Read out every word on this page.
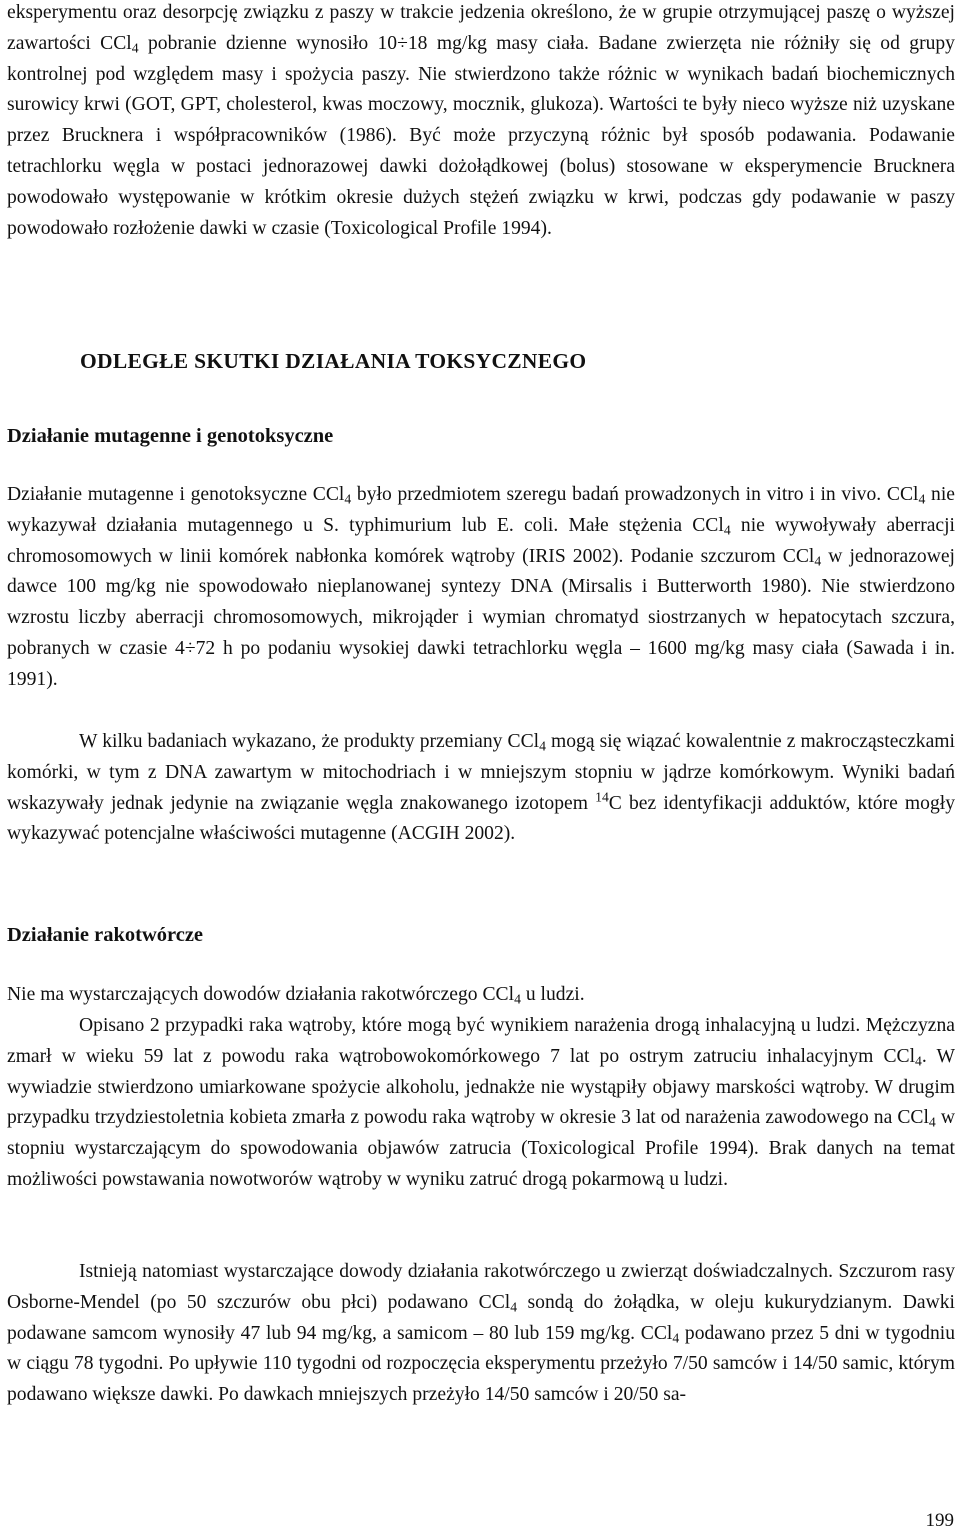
eksperymentu oraz desorpcję związku z paszy w trakcie jedzenia określono, że w grupie otrzymującej paszę o wyższej zawartości CCl$_4$ pobranie dzienne wynosiło 10÷18 mg/kg masy ciała. Badane zwierzęta nie różniły się od grupy kontrolnej pod względem masy i spożycia paszy. Nie stwierdzono także różnic w wynikach badań biochemicznych surowicy krwi (GOT, GPT, cholesterol, kwas moczowy, mocznik, glukoza). Wartości te były nieco wyższe niż uzyskane przez Brucknera i współpracowników (1986). Być może przyczyną różnic był sposób podawania. Podawanie tetrachlorku węgla w postaci jednorazowej dawki dożołądkowej (bolus) stosowane w eksperymencie Brucknera powodowało występowanie w krótkim okresie dużych stężeń związku w krwi, podczas gdy podawanie w paszy powodowało rozłożenie dawki w czasie (Toxicological Profile 1994).

ODLEGŁE SKUTKI DZIAŁANIA TOKSYCZNEGO
Działanie mutagenne i genotoksyczne

Działanie mutagenne i genotoksyczne CCl$_4$ było przedmiotem szeregu badań prowadzonych in vitro i in vivo. CCl$_4$ nie wykazywał działania mutagennego u S. typhimurium lub E. coli. Małe stężenia CCl$_4$ nie wywoływały aberracji chromosomowych w linii komórek nabłonka komórek wątroby (IRIS 2002). Podanie szczurom CCl$_4$ w jednorazowej dawce 100 mg/kg nie spowodowało nieplanowanej syntezy DNA (Mirsalis i Butterworth 1980). Nie stwierdzono wzrostu liczby aberracji chromosomowych, mikrojąder i wymian chromatyd siostrzanych w hepatocytach szczura, pobranych w czasie 4÷72 h po podaniu wysokiej dawki tetrachlorku węgla – 1600 mg/kg masy ciała (Sawada i in. 1991).

W kilku badaniach wykazano, że produkty przemiany CCl$_4$ mogą się wiązać kowalentnie z makrocząsteczkami komórki, w tym z DNA zawartym w mitochodriach i w mniejszym stopniu w jądrze komórkowym. Wyniki badań wskazywały jednak jedynie na związanie węgla znakowanego izotopem $^{14}$C bez identyfikacji adduktów, które mogły wykazywać potencjalne właściwości mutagenne (ACGIH 2002).

Działanie rakotwórcze

Nie ma wystarczających dowodów działania rakotwórczego CCl$_4$ u ludzi.

Opisano 2 przypadki raka wątroby, które mogą być wynikiem narażenia drogą inhalacyjną u ludzi. Mężczyzna zmarł w wieku 59 lat z powodu raka wątrobowokomórkowego 7 lat po ostrym zatruciu inhalacyjnym CCl$_4$. W wywiadzie stwierdzono umiarkowane spożycie alkoholu, jednakże nie wystąpiły objawy marskości wątroby. W drugim przypadku trzydziestoletnia kobieta zmarła z powodu raka wątroby w okresie 3 lat od narażenia zawodowego na CCl$_4$ w stopniu wystarczającym do spowodowania objawów zatrucia (Toxicological Profile 1994). Brak danych na temat możliwości powstawania nowotworów wątroby w wyniku zatruć drogą pokarmową u ludzi.

Istnieją natomiast wystarczające dowody działania rakotwórczego u zwierząt doświadczalnych. Szczurom rasy Osborne-Mendel (po 50 szczurów obu płci) podawano CCl$_4$ sondą do żołądka, w oleju kukurydzianym. Dawki podawane samcom wynosiły 47 lub 94 mg/kg, a samicom – 80 lub 159 mg/kg. CCl$_4$ podawano przez 5 dni w tygodniu w ciągu 78 tygodni. Po upływie 110 tygodni od rozpoczęcia eksperymentu przeżyło 7/50 samców i 14/50 samic, którym podawano większe dawki. Po dawkach mniejszych przeżyło 14/50 samców i 20/50 sa-

199
